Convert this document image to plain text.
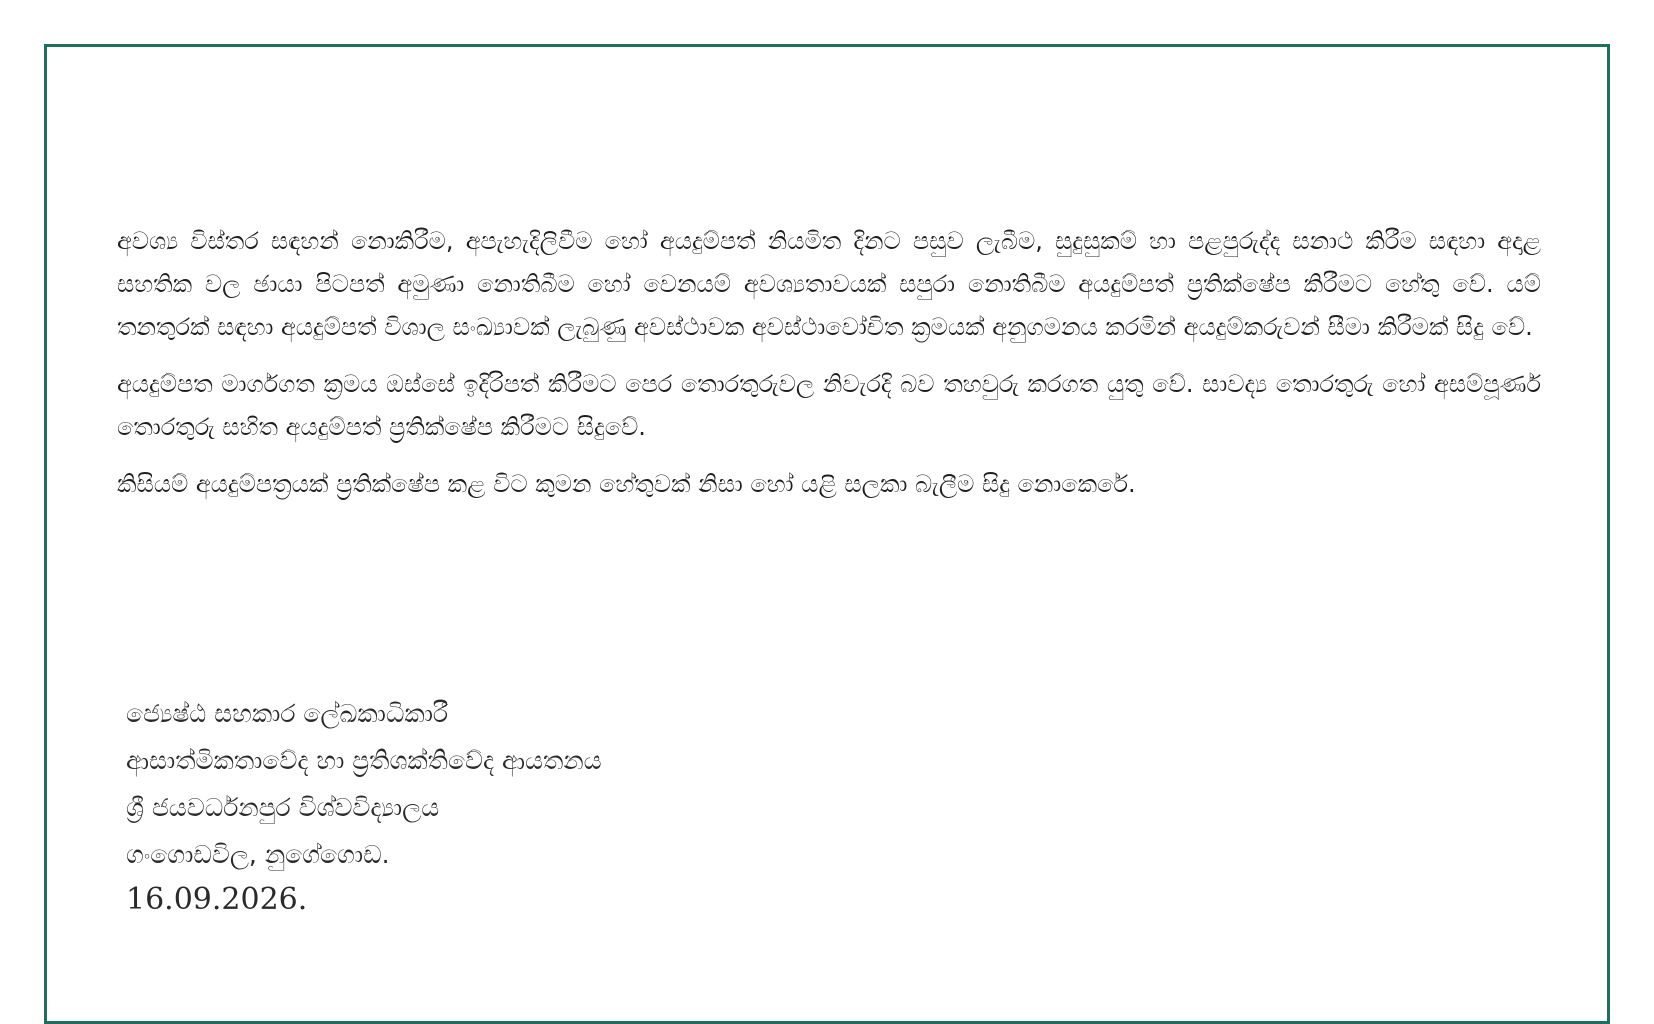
අවශ්‍ය විස්තර සඳහන් නොකිරීම, අපැහැදිලිවීම හෝ අයදුම්පත් නියමිත දිනට පසුව ලැබීම, සුදුසුකම් හා පළපුරුද්ද සනාථ කිරීම සඳහා අදාළ සහතික වල ඡායා පිටපත් අමුණා නොතිබීම හෝ වෙනයම් අවශ්‍යතාවයක් සපුරා නොතිබීම අයදුම්පත් ප්‍රතික්ෂේප කිරීමට හේතු වේ. යම් තනතුරක් සඳහා අයදුම්පත් විශාල සංඛ්‍යාවක් ලැබුණු අවස්ථාවක අවස්ථාවෝචිත ක්‍රමයක් අනුගමනය කරමින් අයදුම්කරුවන් සීමා කිරීමක් සිදු වේ.

අයදුම්පත මාර්ගගත ක්‍රමය ඔස්සේ ඉදිරිපත් කිරීමට පෙර තොරතුරුවල නිවැරදි බව තහවුරු කරගත යුතු වේ. සාවද්‍ය තොරතුරු හෝ අසම්පූර්ණ තොරතුරු සහිත අයදුම්පත් ප්‍රතික්ෂේප කිරීමට සිදුවේ.

කිසියම් අයදුම්පත්‍රයක් ප්‍රතික්ෂේප කළ විට කුමන හේතුවක් නිසා හෝ යළි සලකා බැලීම සිදු නොකෙරේ.

ජ්‍යෙෂ්ඨ සහකාර ලේඛකාධිකාරී
ආසාත්මිකතාවේද හා ප්‍රතිශක්තිවේද ආයතනය
ශ්‍රී ජයවර්ධනපුර විශ්වවිද්‍යාලය
ගංගොඩවිල, නුගේගොඩ.
16.09.2026.
